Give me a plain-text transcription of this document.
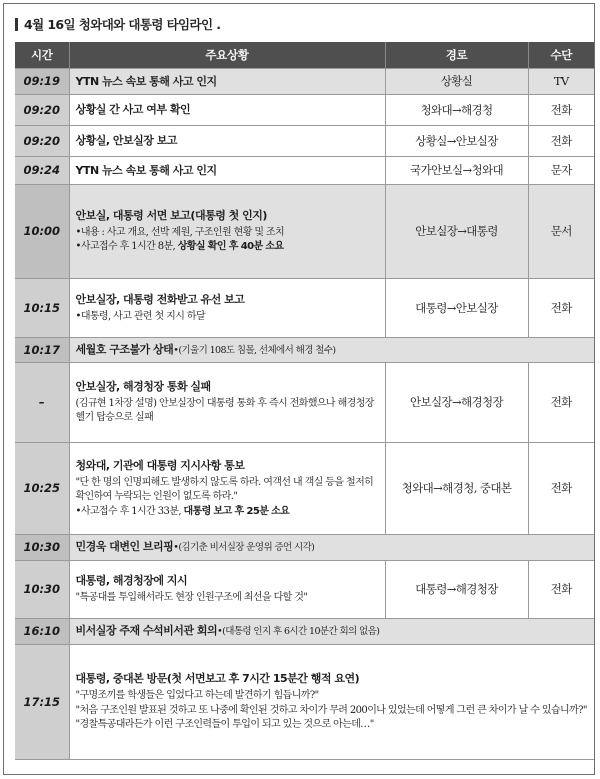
4월 16일 청와대와 대통령 타임라인 .
시간	주요상황	경로	수단
09:19	YTN 뉴스 속보 통해 사고 인지	상황실	TV
09:20	상황실 간 사고 여부 확인	청와대→해경청	전화
09:20	상황실, 안보실장 보고	상황실→안보실장	전화
09:24	YTN 뉴스 속보 통해 사고 인지	국가안보실→청와대	문자
10:00	안보실, 대통령 서면 보고(대통령 첫 인지)
• 내용 : 사고 개요, 선박 제원, 구조인원 현황 및 조치
• 사고접수 후 1시간 8분, 상황실 확인 후 40분 소요	안보실장→대통령	문서
10:15	안보실장, 대통령 전화받고 유선 보고
• 대통령, 사고 관련 첫 지시 하달	대통령→안보실장	전화
10:17	세월호 구조불가 상태 • (기울기 108도 침몰, 선체에서 해경 철수)
–	안보실장, 해경청장 통화 실패
(김규현 1차장 설명) 안보실장이 대통령 통화 후 즉시 전화했으나 해경청장 헬기 탑승으로 실패	안보실장→해경청장	전화
10:25	청와대, 기관에 대통령 지시사항 통보
"단 한 명의 인명피해도 발생하지 않도록 하라. 여객선 내 객실 등을 철저히 확인하여 누락되는 인원이 없도록 하라."
• 사고접수 후 1시간 33분, 대통령 보고 후 25분 소요	청와대→해경청, 중대본	전화
10:30	민경욱 대변인 브리핑 • (김기춘 비서실장 운영위 증언 시각)
10:30	대통령, 해경청장에 지시
"특공대를 투입해서라도 현장 인원구조에 최선을 다할 것"	대통령→해경청장	전화
16:10	비서실장 주재 수석비서관 회의 • (대통령 인지 후 6시간 10분간 회의 없음)
17:15	대통령, 중대본 방문(첫 서면보고 후 7시간 15분간 행적 요연)
"구명조끼를 학생들은 입었다고 하는데 발견하기 힘듭니까?"
"처음 구조인원 발표된 것하고 또 나중에 확인된 것하고 차이가 무려 200이나 있었는데 어떻게 그런 큰 차이가 날 수 있습니까?"
"경찰특공대라든가 이런 구조인력들이 투입이 되고 있는 것으로 아는데…"		
